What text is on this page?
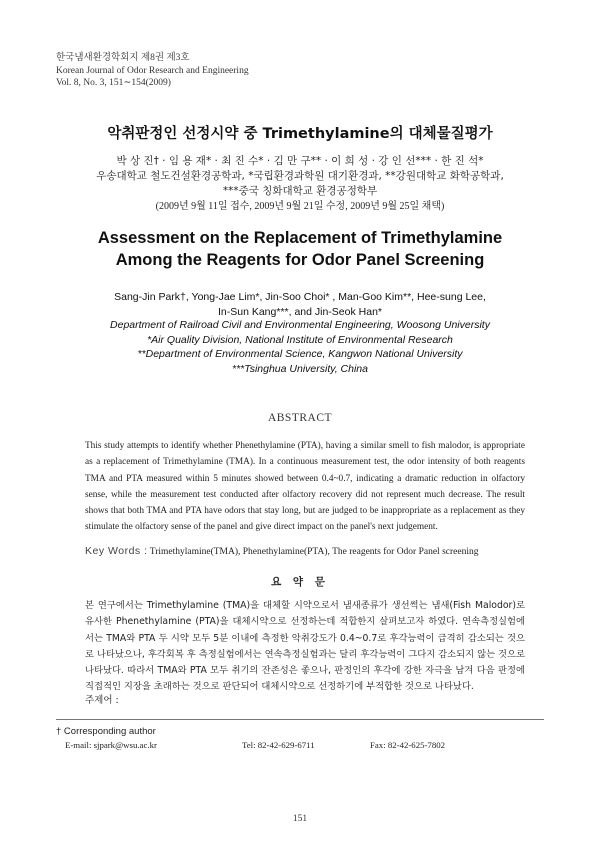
한국냄새환경학회지 제8권 제3호
Korean Journal of Odor Research and Engineering
Vol. 8, No. 3, 151∼154(2009)
악취판정인 선정시약 중 Trimethylamine의 대체물질평가
박 상 진† · 임 용 재* · 최 진 수* · 김 만 구** · 이 희 성 · 강 인 선*** · 한 진 석*
우송대학교 철도건설환경공학과, *국립환경과학원 대기환경과, **강원대학교 화학공학과,
***중국 칭화대학교 환경공정학부
(2009년 9월 11일 접수, 2009년 9월 21일 수정, 2009년 9월 25일 채택)
Assessment on the Replacement of Trimethylamine
Among the Reagents for Odor Panel Screening
Sang-Jin Park†, Yong-Jae Lim*, Jin-Soo Choi* , Man-Goo Kim**, Hee-sung Lee,
In-Sun Kang***, and Jin-Seok Han*
Department of Railroad Civil and Environmental Engineering, Woosong University
*Air Quality Division, National Institute of Environmental Research
**Department of Environmental Science, Kangwon National University
***Tsinghua University, China
ABSTRACT
This study attempts to identify whether Phenethylamine (PTA), having a similar smell to fish malodor, is appropriate as a replacement of Trimethylamine (TMA). In a continuous measurement test, the odor intensity of both reagents TMA and PTA measured within 5 minutes showed between 0.4~0.7, indicating a dramatic reduction in olfactory sense, while the measurement test conducted after olfactory recovery did not represent much decrease. The result shows that both TMA and PTA have odors that stay long, but are judged to be inappropriate as a replacement as they stimulate the olfactory sense of the panel and give direct impact on the panel's next judgement.
Key Words : Trimethylamine(TMA), Phenethylamine(PTA), The reagents for Odor Panel screening
요 약 문
본 연구에서는 Trimethylamine (TMA)을 대체할 시약으로서 냄새종류가 생선썩는 냄새(Fish Malodor)로 유사한 Phenethylamine (PTA)을 대체시약으로 선정하는데 적합한지 살펴보고자 하였다. 연속측정실험에서는 TMA와 PTA 두 시약 모두 5분 이내에 측정한 악취강도가 0.4~0.7로 후각능력이 급격히 감소되는 것으로 나타났으나, 후각회복 후 측정실험에서는 연속측정실험과는 달리 후각능력이 그다지 감소되지 않는 것으로 나타났다. 따라서 TMA와 PTA 모두 취기의 잔존성은 좋으나, 판정인의 후각에 강한 자극을 남겨 다음 판정에 직접적인 지장을 초래하는 것으로 판단되어 대체시약으로 선정하기에 부적합한 것으로 나타났다.
주제어 :
† Corresponding author
E-mail: sjpark@wsu.ac.kr	Tel: 82-42-629-6711	Fax: 82-42-625-7802
151
